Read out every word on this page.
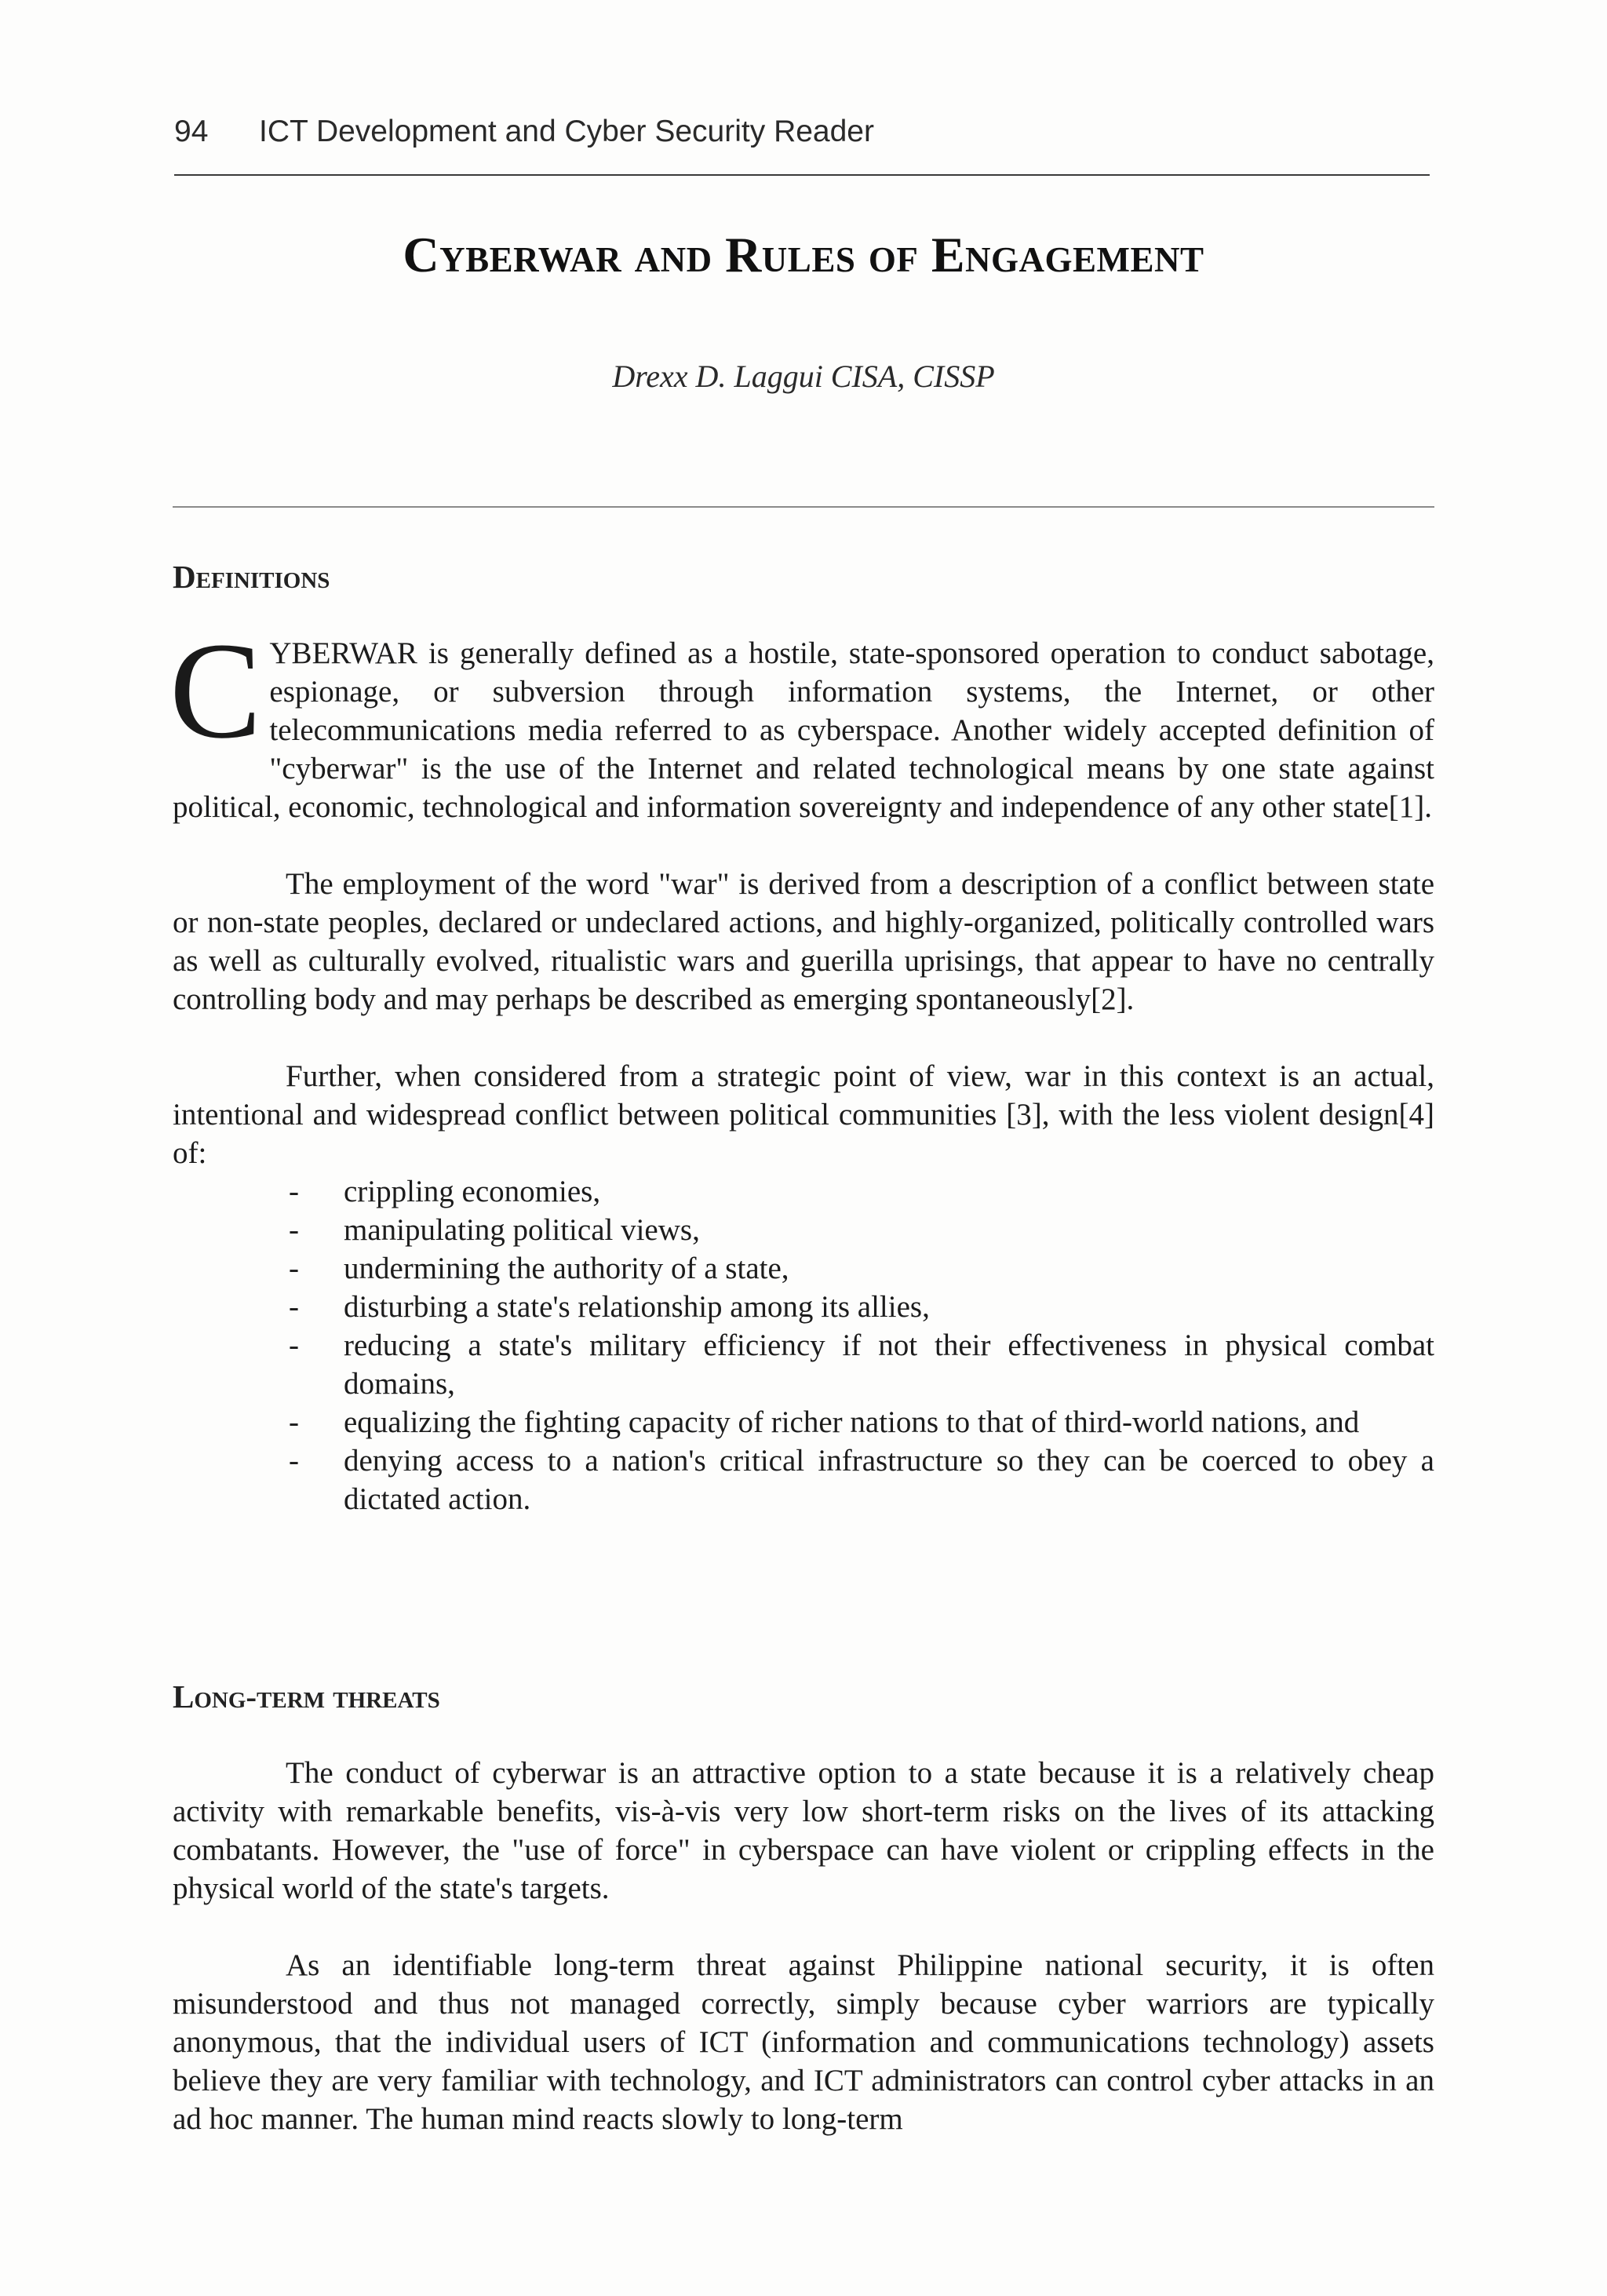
94 ICT Development and Cyber Security Reader
Cyberwar and Rules of Engagement
Drexx D. Laggui CISA, CISSP
Definitions

CYBERWAR is generally defined as a hostile, state-sponsored operation to conduct sabotage, espionage, or subversion through information systems, the Internet, or other telecommunications media referred to as cyberspace. Another widely accepted definition of "cyberwar" is the use of the Internet and related technological means by one state against political, economic, technological and information sovereignty and independence of any other state[1].

The employment of the word "war" is derived from a description of a conflict between state or non-state peoples, declared or undeclared actions, and highly-organized, politically controlled wars as well as culturally evolved, ritualistic wars and guerilla uprisings, that appear to have no centrally controlling body and may perhaps be described as emerging spontaneously[2].

Further, when considered from a strategic point of view, war in this context is an actual, intentional and widespread conflict between political communities [3], with the less violent design[4] of:

- crippling economies,
- manipulating political views,
- undermining the authority of a state,
- disturbing a state's relationship among its allies,
- reducing a state's military efficiency if not their effectiveness in physical combat domains,
- equalizing the fighting capacity of richer nations to that of third-world nations, and
- denying access to a nation's critical infrastructure so they can be coerced to obey a dictated action.
Long-term threats

The conduct of cyberwar is an attractive option to a state because it is a relatively cheap activity with remarkable benefits, vis-à-vis very low short-term risks on the lives of its attacking combatants. However, the "use of force" in cyberspace can have violent or crippling effects in the physical world of the state's targets.

As an identifiable long-term threat against Philippine national security, it is often misunderstood and thus not managed correctly, simply because cyber warriors are typically anonymous, that the individual users of ICT (information and communications technology) assets believe they are very familiar with technology, and ICT administrators can control cyber attacks in an ad hoc manner. The human mind reacts slowly to long-term
